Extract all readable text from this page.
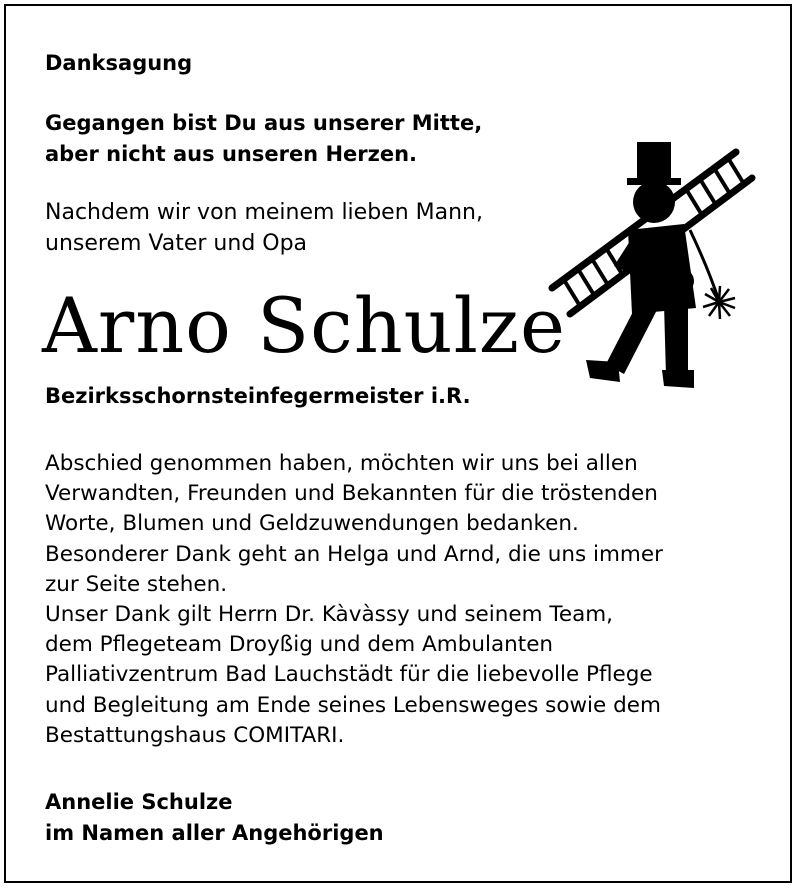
Danksagung

Gegangen bist Du aus unserer Mitte,
aber nicht aus unseren Herzen.

Nachdem wir von meinem lieben Mann,
unserem Vater und Opa

Arno Schulze

Bezirksschornsteinfegermeister i.R.

Abschied genommen haben, möchten wir uns bei allen
Verwandten, Freunden und Bekannten für die tröstenden
Worte, Blumen und Geldzuwendungen bedanken.
Besonderer Dank geht an Helga und Arnd, die uns immer
zur Seite stehen.
Unser Dank gilt Herrn Dr. Kàvàssy und seinem Team,
dem Pflegeteam Droyßig und dem Ambulanten
Palliativzentrum Bad Lauchstädt für die liebevolle Pflege
und Begleitung am Ende seines Lebensweges sowie dem
Bestattungshaus COMITARI.

Annelie Schulze
im Namen aller Angehörigen
